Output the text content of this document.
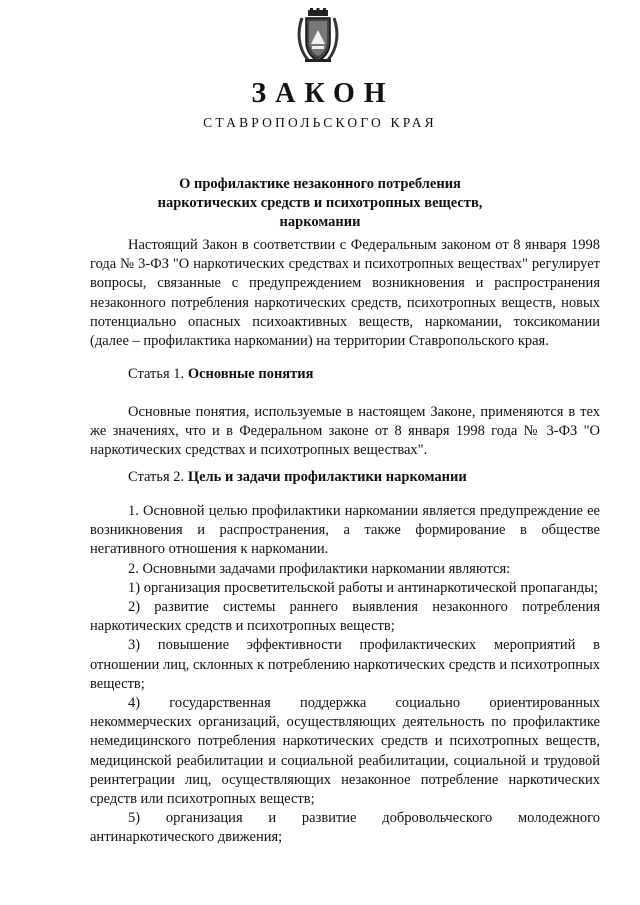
ЗАКОН
СТАВРОПОЛЬСКОГО КРАЯ
О профилактике незаконного потребления
наркотических средств и психотропных веществ, наркомании

Настоящий Закон в соответствии с Федеральным законом от 8 января 1998 года № 3-ФЗ "О наркотических средствах и психотропных веществах" регулирует вопросы, связанные с предупреждением возникновения и распространения незаконного потребления наркотических средств, психотропных веществ, новых потенциально опасных психоактивных веществ, наркомании, токсикомании (далее – профилактика наркомании) на территории Ставропольского края.

Статья 1. Основные понятия

Основные понятия, используемые в настоящем Законе, применяются в тех же значениях, что и в Федеральном законе от 8 января 1998 года № 3-ФЗ "О наркотических средствах и психотропных веществах".

Статья 2. Цель и задачи профилактики наркомании

1. Основной целью профилактики наркомании является предупреждение ее возникновения и распространения, а также формирование в обществе негативного отношения к наркомании.

2. Основными задачами профилактики наркомании являются:

1) организация просветительской работы и антинаркотической пропаганды;

2) развитие системы раннего выявления незаконного потребления наркотических средств и психотропных веществ;

3) повышение эффективности профилактических мероприятий в отношении лиц, склонных к потреблению наркотических средств и психотропных веществ;

4) государственная поддержка социально ориентированных некоммерческих организаций, осуществляющих деятельность по профилактике немедицинского потребления наркотических средств и психотропных веществ, медицинской реабилитации и социальной реабилитации, социальной и трудовой реинтеграции лиц, осуществляющих незаконное потребление наркотических средств или психотропных веществ;

5) организация и развитие добровольческого молодежного антинаркотического движения;
